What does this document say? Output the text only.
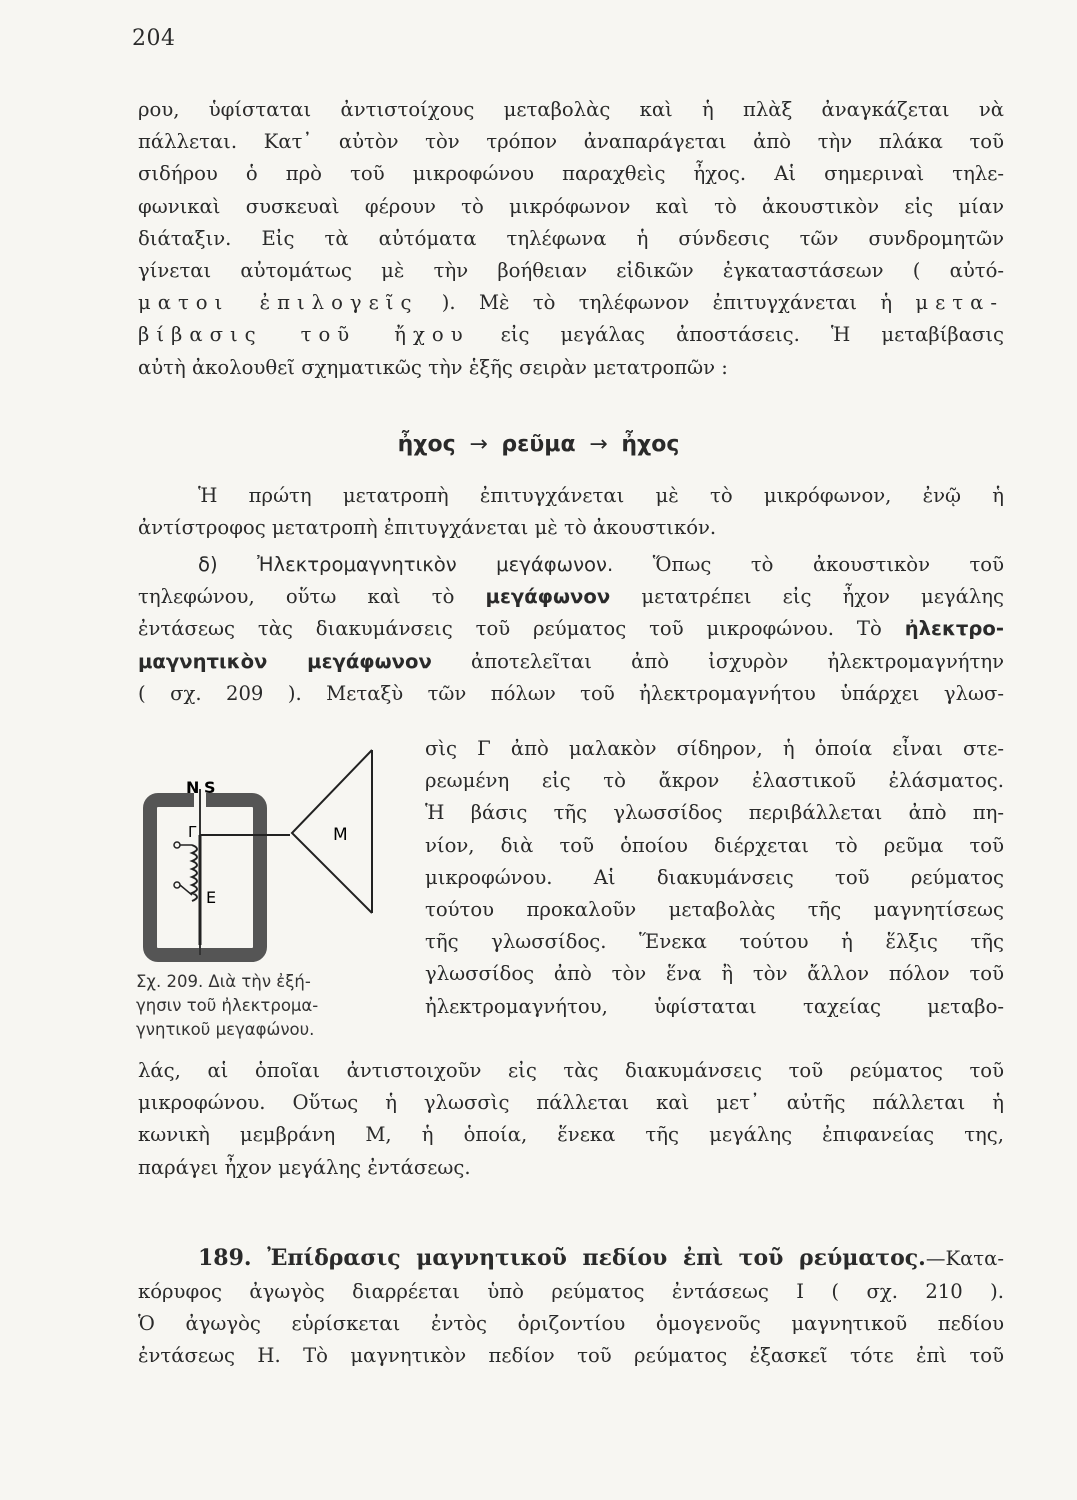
204
ρου, ὑφίσταται ἀντιστοίχους μεταβολὰς καὶ ἡ πλὰξ ἀναγκάζεται νὰ
πάλλεται. Κατ᾿ αὐτὸν τὸν τρόπον ἀναπαράγεται ἀπὸ τὴν πλάκα τοῦ
σιδήρου ὁ πρὸ τοῦ μικροφώνου παραχθεὶς ἦχος. Αἱ σημεριναὶ τηλε-
φωνικαὶ συσκευαὶ φέρουν τὸ μικρόφωνον καὶ τὸ ἀκουστικὸν εἰς μίαν
διάταξιν. Εἰς τὰ αὐτόματα τηλέφωνα ἡ σύνδεσις τῶν συνδρομητῶν
γίνεται αὐτομάτως μὲ τὴν βοήθειαν εἰδικῶν ἐγκαταστάσεων ( αὐτό-
ματοι ἐπιλογεῖς ). Μὲ τὸ τηλέφωνον ἐπιτυγχάνεται ἡ μετα-
βίβασις τοῦ ἤχου εἰς μεγάλας ἀποστάσεις. Ἡ μεταβίβασις
αὐτὴ ἀκολουθεῖ σχηματικῶς τὴν ἑξῆς σειρὰν μετατροπῶν :
ἦχος → ρεῦμα → ἦχος
Ἡ πρώτη μετατροπὴ ἐπιτυγχάνεται μὲ τὸ μικρόφωνον, ἐνῷ ἡ
ἀντίστροφος μετατροπὴ ἐπιτυγχάνεται μὲ τὸ ἀκουστικόν.
δ) Ἠλεκτρομαγνητικὸν μεγάφωνον. Ὅπως τὸ ἀκουστικὸν τοῦ
τηλεφώνου, οὕτω καὶ τὸ μεγάφωνον μετατρέπει εἰς ἦχον μεγάλης
ἐντάσεως τὰς διακυμάνσεις τοῦ ρεύματος τοῦ μικροφώνου. Τὸ ἠλεκτρο-
μαγνητικὸν μεγάφωνον ἀποτελεῖται ἀπὸ ἰσχυρὸν ἠλεκτρομαγνήτην
( σχ. 209 ). Μεταξὺ τῶν πόλων τοῦ ἠλεκτρομαγνήτου ὑπάρχει γλωσ-
σὶς Γ ἀπὸ μαλακὸν σίδηρον, ἡ ὁποία εἶναι στε-
ρεωμένη εἰς τὸ ἄκρον ἐλαστικοῦ ἐλάσματος.
Ἡ βάσις τῆς γλωσσίδος περιβάλλεται ἀπὸ πη-
νίον, διὰ τοῦ ὁποίου διέρχεται τὸ ρεῦμα τοῦ
μικροφώνου. Αἱ διακυμάνσεις τοῦ ρεύματος
τούτου προκαλοῦν μεταβολὰς τῆς μαγνητίσεως
τῆς γλωσσίδος. Ἕνεκα τούτου ἡ ἕλξις τῆς
γλωσσίδος ἀπὸ τὸν ἕνα ἢ τὸν ἄλλον πόλον τοῦ
ἠλεκτρομαγνήτου, ὑφίσταται ταχείας μεταβο-
N S
Γ
E
M
Σχ. 209. Διὰ τὴν ἐξή-
γησιν τοῦ ἠλεκτρομα-
γνητικοῦ μεγαφώνου.
λάς, αἱ ὁποῖαι ἀντιστοιχοῦν εἰς τὰς διακυμάνσεις τοῦ ρεύματος τοῦ
μικροφώνου. Οὕτως ἡ γλωσσὶς πάλλεται καὶ μετ᾿ αὐτῆς πάλλεται ἡ
κωνικὴ μεμβράνη Μ, ἡ ὁποία, ἕνεκα τῆς μεγάλης ἐπιφανείας της,
παράγει ἦχον μεγάλης ἐντάσεως.
189. Ἐπίδρασις μαγνητικοῦ πεδίου ἐπὶ τοῦ ρεύματος.—Κατα-
κόρυφος ἀγωγὸς διαρρέεται ὑπὸ ρεύματος ἐντάσεως Ι ( σχ. 210 ).
Ὁ ἀγωγὸς εὑρίσκεται ἐντὸς ὁριζοντίου ὁμογενοῦς μαγνητικοῦ πεδίου
ἐντάσεως Η. Τὸ μαγνητικὸν πεδίον τοῦ ρεύματος ἐξασκεῖ τότε ἐπὶ τοῦ
